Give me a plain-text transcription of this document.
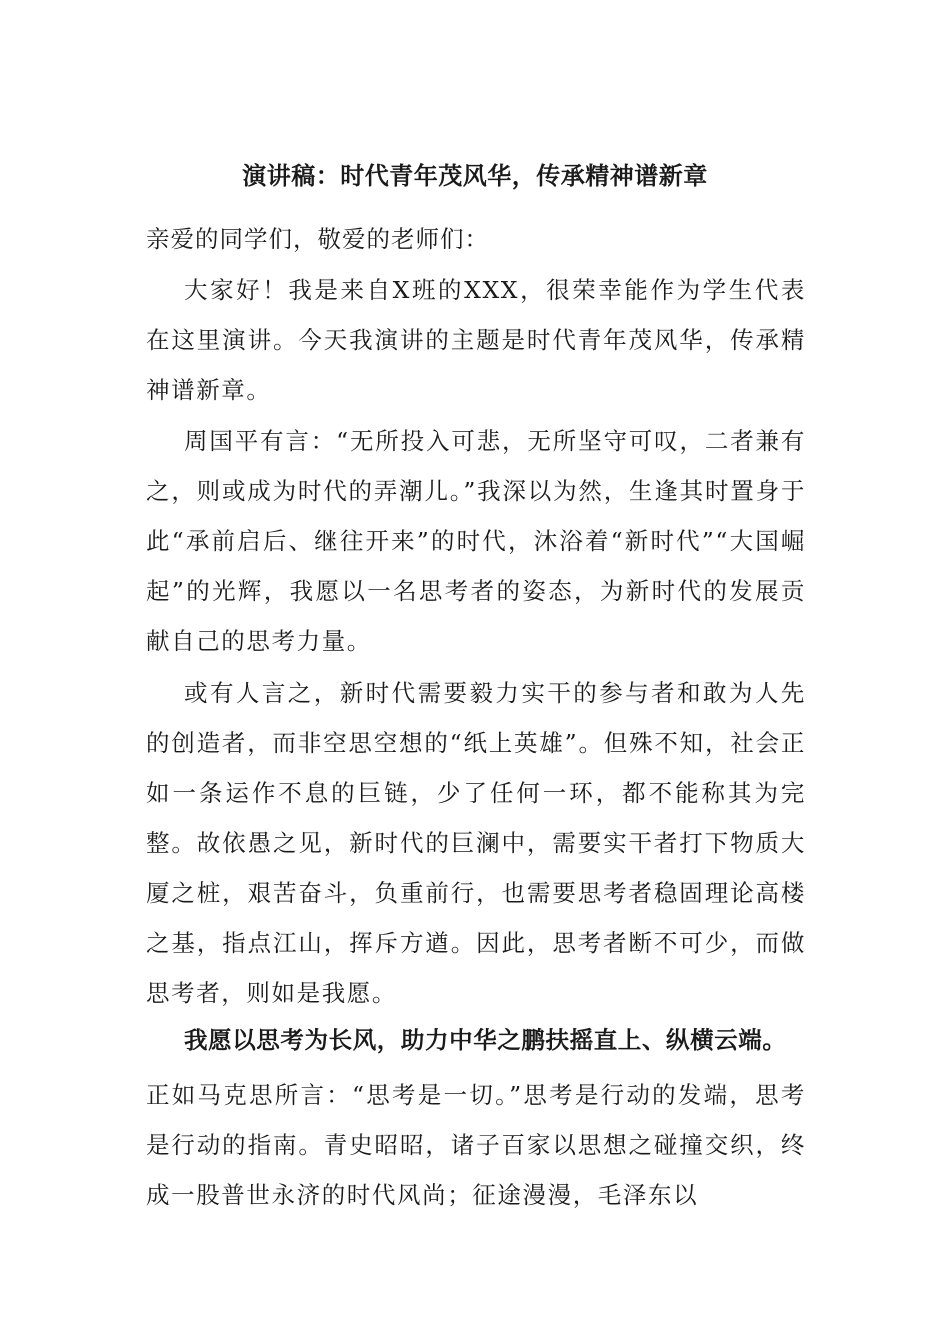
演讲稿：时代青年茂风华，传承精神谱新章

亲爱的同学们，敬爱的老师们：

大家好！我是来自X班的XXX，很荣幸能作为学生代表在这里演讲。今天我演讲的主题是时代青年茂风华，传承精神谱新章。

周国平有言：“无所投入可悲，无所坚守可叹，二者兼有之，则或成为时代的弄潮儿。”我深以为然，生逢其时置身于此“承前启后、继往开来”的时代，沐浴着“新时代”“大国崛起”的光辉，我愿以一名思考者的姿态，为新时代的发展贡献自己的思考力量。

或有人言之，新时代需要毅力实干的参与者和敢为人先的创造者，而非空思空想的“纸上英雄”。但殊不知，社会正如一条运作不息的巨链，少了任何一环，都不能称其为完整。故依愚之见，新时代的巨澜中，需要实干者打下物质大厦之桩，艰苦奋斗，负重前行，也需要思考者稳固理论高楼之基，指点江山，挥斥方遒。因此，思考者断不可少，而做思考者，则如是我愿。

我愿以思考为长风，助力中华之鹏扶摇直上、纵横云端。

正如马克思所言：“思考是一切。”思考是行动的发端，思考是行动的指南。青史昭昭，诸子百家以思想之碰撞交织，终成一股普世永济的时代风尚；征途漫漫，毛泽东以
